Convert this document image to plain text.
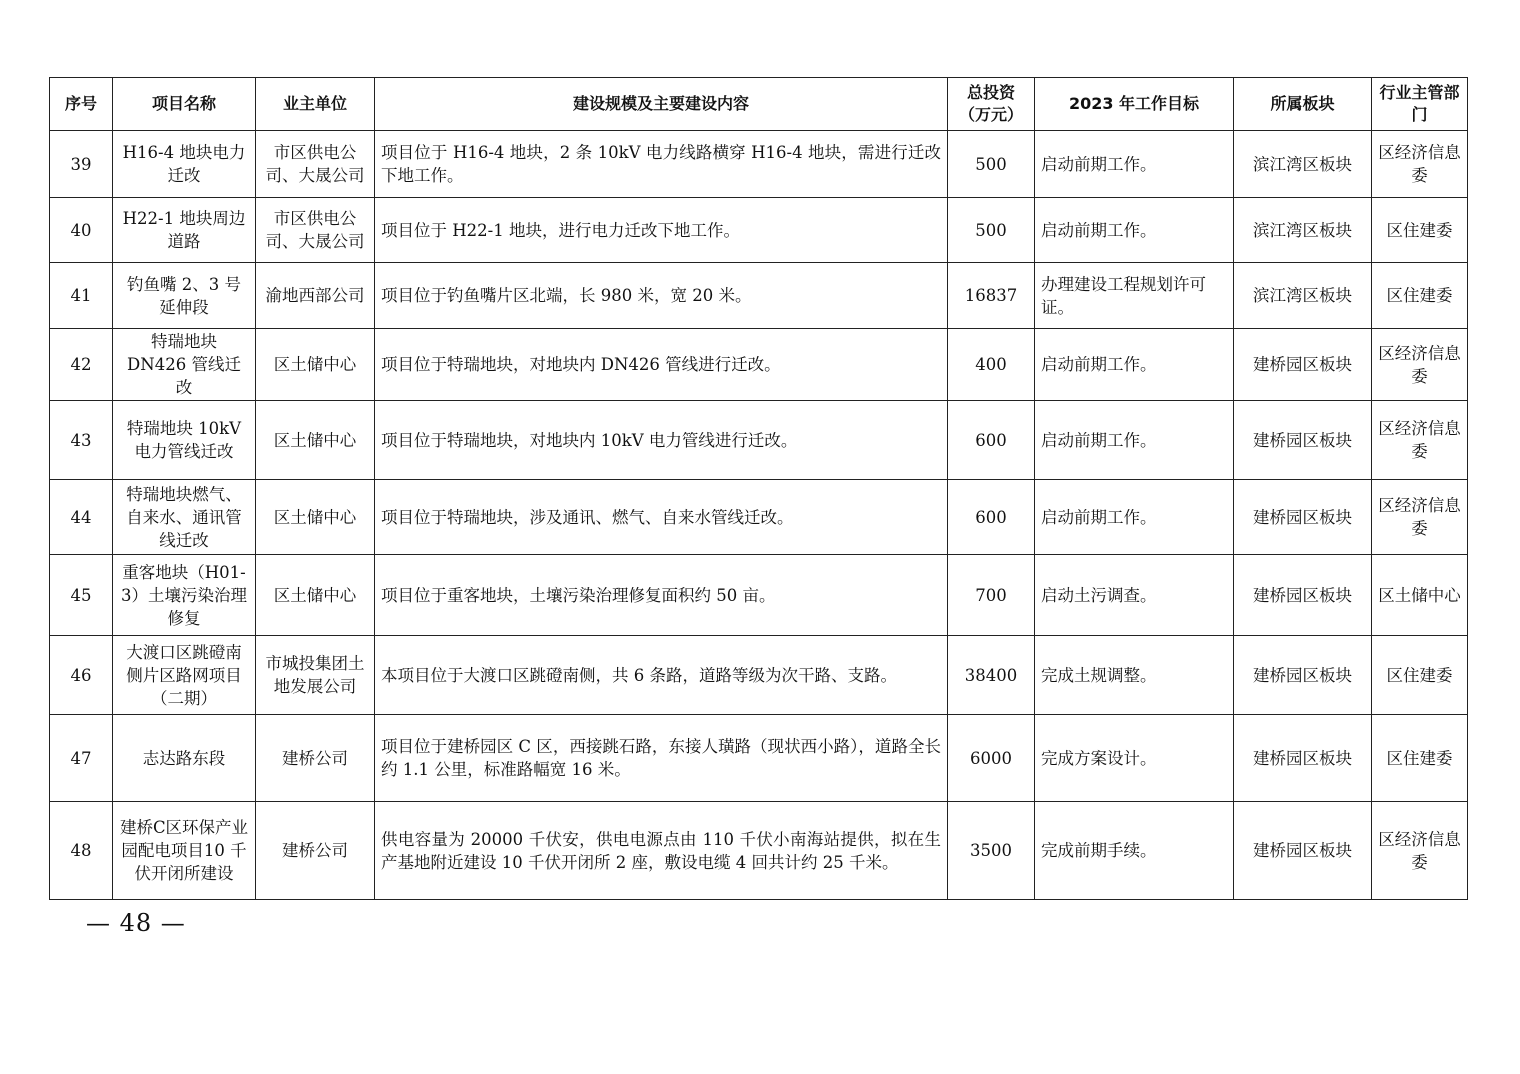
序号	项目名称	业主单位	建设规模及主要建设内容	总投资（万元）	2023 年工作目标	所属板块	行业主管部门
39	H16-4 地块电力迁改	市区供电公司、大晟公司	项目位于 H16-4 地块，2 条 10kV 电力线路横穿 H16-4 地块，需进行迁改下地工作。	500	启动前期工作。	滨江湾区板块	区经济信息委
40	H22-1 地块周边道路	市区供电公司、大晟公司	项目位于 H22-1 地块，进行电力迁改下地工作。	500	启动前期工作。	滨江湾区板块	区住建委
41	钓鱼嘴 2、3 号延伸段	渝地西部公司	项目位于钓鱼嘴片区北端，长 980 米，宽 20 米。	16837	办理建设工程规划许可证。	滨江湾区板块	区住建委
42	特瑞地块 DN426 管线迁改	区土储中心	项目位于特瑞地块，对地块内 DN426 管线进行迁改。	400	启动前期工作。	建桥园区板块	区经济信息委
43	特瑞地块 10kV 电力管线迁改	区土储中心	项目位于特瑞地块，对地块内 10kV 电力管线进行迁改。	600	启动前期工作。	建桥园区板块	区经济信息委
44	特瑞地块燃气、自来水、通讯管线迁改	区土储中心	项目位于特瑞地块，涉及通讯、燃气、自来水管线迁改。	600	启动前期工作。	建桥园区板块	区经济信息委
45	重客地块（H01-3）土壤污染治理修复	区土储中心	项目位于重客地块，土壤污染治理修复面积约 50 亩。	700	启动土污调查。	建桥园区板块	区土储中心
46	大渡口区跳磴南侧片区路网项目（二期）	市城投集团土地发展公司	本项目位于大渡口区跳磴南侧，共 6 条路，道路等级为次干路、支路。	38400	完成土规调整。	建桥园区板块	区住建委
47	志达路东段	建桥公司	项目位于建桥园区 C 区，西接跳石路，东接人璜路（现状西小路），道路全长约 1.1 公里，标准路幅宽 16 米。	6000	完成方案设计。	建桥园区板块	区住建委
48	建桥C区环保产业园配电项目10 千伏开闭所建设	建桥公司	供电容量为 20000 千伏安，供电电源点由 110 千伏小南海站提供，拟在生产基地附近建设 10 千伏开闭所 2 座，敷设电缆 4 回共计约 25 千米。	3500	完成前期手续。	建桥园区板块	区经济信息委
— 48 —
